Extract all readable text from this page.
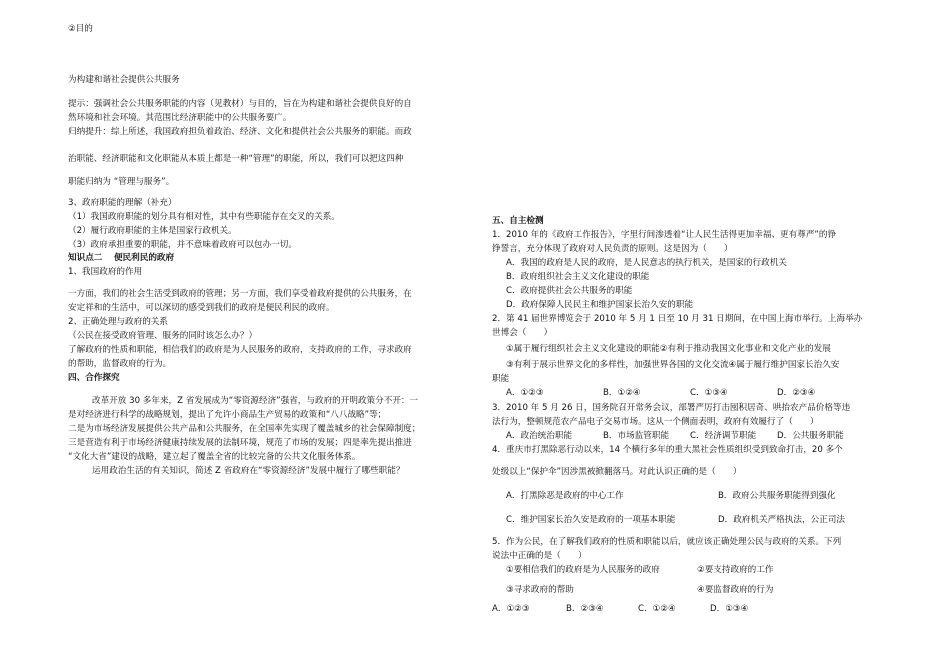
②目的
为构建和谐社会提供公共服务
提示：强调社会公共服务职能的内容（见教材）与目的，旨在为构建和谐社会提供良好的自
然环境和社会环境。其范围比经济职能中的公共服务要广。
归纳提升：综上所述，我国政府担负着政治、经济、文化和提供社会公共服务的职能。而政
治职能、经济职能和文化职能从本质上都是一种“管理”的职能，所以，我们可以把这四种
职能归纳为 “管理与服务”。
3、政府职能的理解（补充）
（1）我国政府职能的划分具有相对性，其中有些职能存在交叉的关系。
（2）履行政府职能的主体是国家行政机关。
（3）政府承担重要的职能，并不意味着政府可以包办一切。
知识点二　 便民利民的政府
1、我国政府的作用
一方面，我们的社会生活受到政府的管理；另一方面，我们享受着政府提供的公共服务，在
安定祥和的生活中，可以深切的感受到我们的政府是便民利民的政府。
2、正确处理与政府的关系
（公民在接受政府管理、服务的同时该怎么办？）
了解政府的性质和职能，相信我们的政府是为人民服务的政府，支持政府的工作，寻求政府
的帮助，监督政府的行为。
四、合作探究
改革开放 30 多年来，Z 省发展成为“零资源经济”强省，与政府的开明政策分不开：一
是对经济进行科学的战略规划，提出了允许小商品生产贸易的政策和“八八战略”等；
二是为市场经济发展提供公共产品和公共服务，在全国率先实现了覆盖城乡的社会保障制度；
三是营造有利于市场经济健康持续发展的法制环境，规范了市场的发展；四是率先提出推进
“文化大省”建设的战略，建立起了覆盖全省的比较完备的公共文化服务体系。
运用政治生活的有关知识，简述 Z 省政府在“零资源经济”发展中履行了哪些职能？
五、自主检测
1．2010 年的《政府工作报告》，字里行间渗透着“让人民生活得更加幸福、更有尊严”的铮
铮誓言，充分体现了政府对人民负责的原则。这是因为（　　）
A．我国的政府是人民的政府，是人民意志的执行机关，是国家的行政机关
B．政府组织社会主义文化建设的职能
C．政府提供社会公共服务的职能
D．政府保障人民民主和维护国家长治久安的职能
2．第 41 届世界博览会于 2010 年 5 月 1 日至 10 月 31 日期间，在中国上海市举行。上海举办
世博会（　　）
①属于履行组织社会主义文化建设的职能②有利于推动我国文化事业和文化产业的发展
③有利于展示世界文化的多样性，加强世界各国的文化交流④属于履行维护国家长治久安
职能
A．①②③	B．①②④	C．①③④	D．②③④
3．2010 年 5 月 26 日，国务院召开常务会议，部署严厉打击囤积居奇、哄抬农产品价格等违
法行为，整顿规范农产品电子交易市场。这从一个侧面表明，政府有效履行了（　　）
A．政治统治职能	B．市场监管职能 C．经济调节职能 D．公共服务职能
4．重庆市打黑除恶行动以来，14 个横行多年的重大黑社会性质组织受到致命打击，20 多个
处级以上“保护伞”因涉黑被掀翻落马。对此认识正确的是（　　）
A．打黑除恶是政府的中心工作	B．政府公共服务职能得到强化
C．维护国家长治久安是政府的一项基本职能	D．政府机关严格执法，公正司法
5．作为公民，在了解我们政府的性质和职能以后，就应该正确处理公民与政府的关系。下列
说法中正确的是（　　）
①要相信我们的政府是为人民服务的政府	②要支持政府的工作
③寻求政府的帮助	④要监督政府的行为
A．①②③	B．②③④	C．①②④	D．①③④
